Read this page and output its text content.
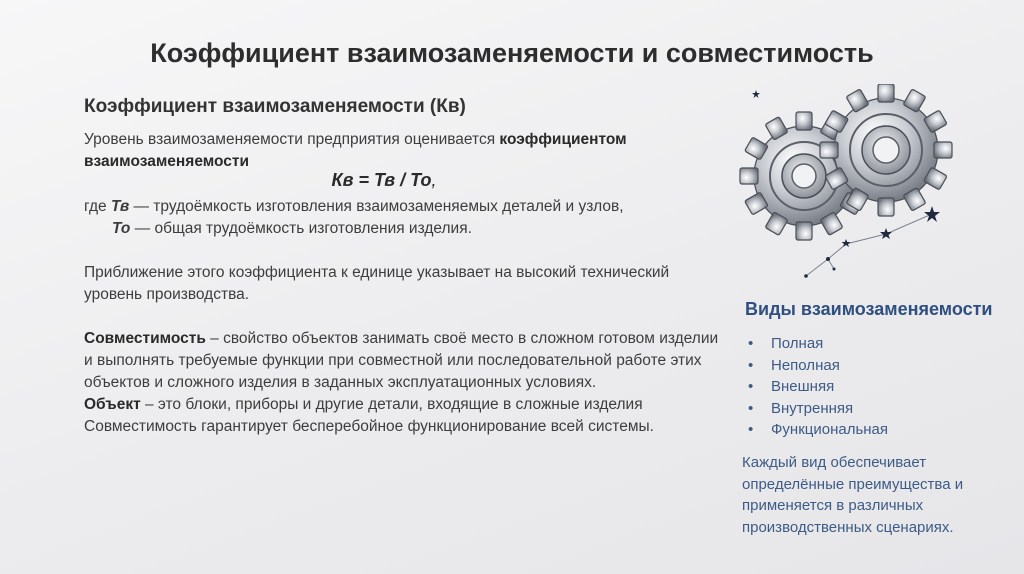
Коэффициент взаимозаменяемости и совместимость
Коэффициент взаимозаменяемости (Кв)

Уровень взаимозаменяемости предприятия оценивается коэффициентом взаимозаменяемости

Кв = Тв / То,
где Тв — трудоёмкость изготовления взаимозаменяемых деталей и узлов,
То — общая трудоёмкость изготовления изделия.

Приближение этого коэффициента к единице указывает на высокий технический уровень производства.

Совместимость – свойство объектов занимать своё место в сложном готовом изделии и выполнять требуемые функции при совместной или последовательной работе этих объектов и сложного изделия в заданных эксплуатационных условиях.

Объект – это блоки, приборы и другие детали, входящие в сложные изделия

Совместимость гарантирует бесперебойное функционирование всей системы.

Виды взаимозаменяемости
• Полная
• Неполная
• Внешняя
• Внутренняя
• Функциональная

Каждый вид обеспечивает определённые преимущества и применяется в различных производственных сценариях.
